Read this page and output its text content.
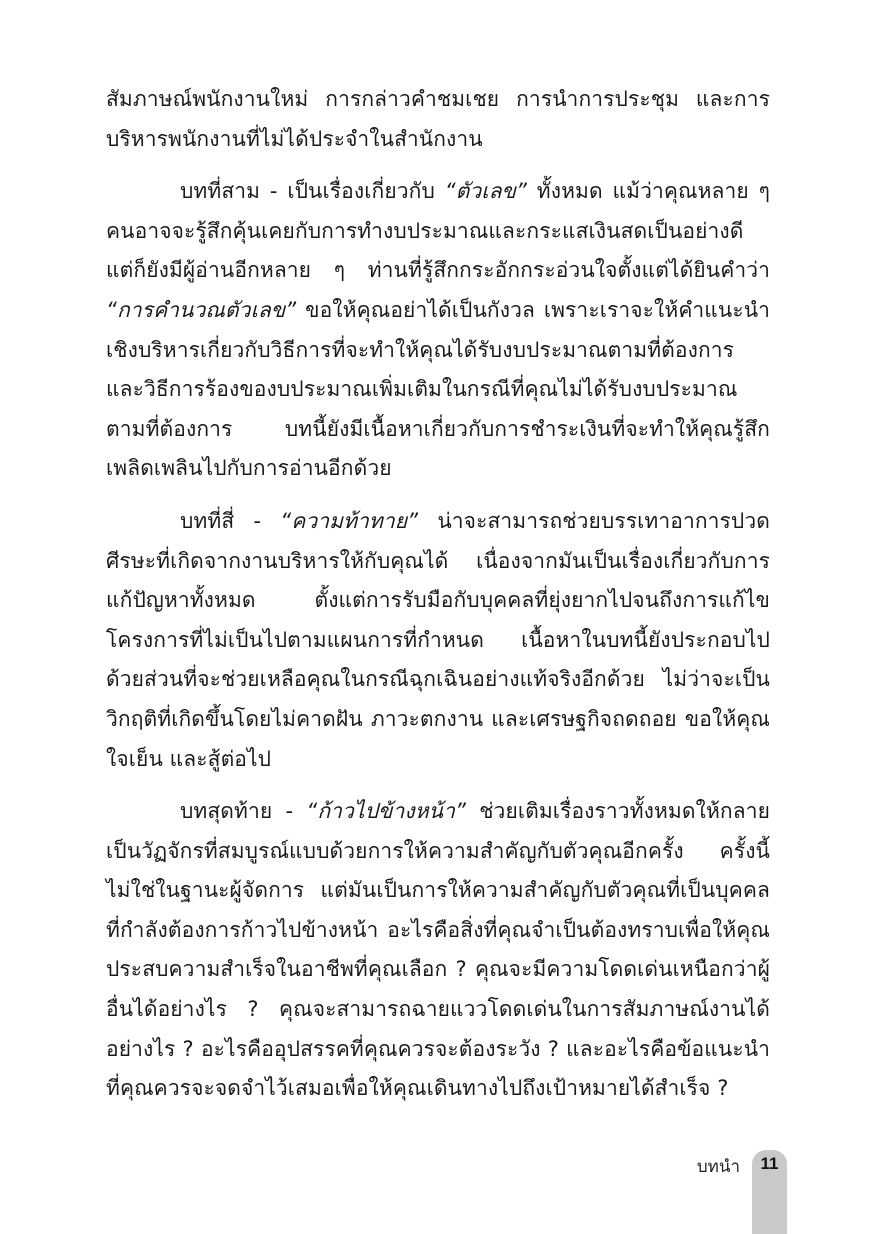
สัมภาษณ์พนักงานใหม่ การกล่าวคำชมเชย การนำการประชุม และการบริหารพนักงานที่ไม่ได้ประจำในสำนักงาน

บทที่สาม - เป็นเรื่องเกี่ยวกับ “ตัวเลข” ทั้งหมด แม้ว่าคุณหลาย ๆ คนอาจจะรู้สึกคุ้นเคยกับการทำงบประมาณและกระแสเงินสดเป็นอย่างดี แต่ก็ยังมีผู้อ่านอีกหลาย ๆ ท่านที่รู้สึกกระอักกระอ่วนใจตั้งแต่ได้ยินคำว่า “การคำนวณตัวเลข” ขอให้คุณอย่าได้เป็นกังวล เพราะเราจะให้คำแนะนำเชิงบริหารเกี่ยวกับวิธีการที่จะทำให้คุณได้รับงบประมาณตามที่ต้องการ และวิธีการร้องของบประมาณเพิ่มเติมในกรณีที่คุณไม่ได้รับงบประมาณตามที่ต้องการ บทนี้ยังมีเนื้อหาเกี่ยวกับการชำระเงินที่จะทำให้คุณรู้สึกเพลิดเพลินไปกับการอ่านอีกด้วย

บทที่สี่ - “ความท้าทาย” น่าจะสามารถช่วยบรรเทาอาการปวดศีรษะที่เกิดจากงานบริหารให้กับคุณได้ เนื่องจากมันเป็นเรื่องเกี่ยวกับการแก้ปัญหาทั้งหมด ตั้งแต่การรับมือกับบุคคลที่ยุ่งยากไปจนถึงการแก้ไขโครงการที่ไม่เป็นไปตามแผนการที่กำหนด เนื้อหาในบทนี้ยังประกอบไปด้วยส่วนที่จะช่วยเหลือคุณในกรณีฉุกเฉินอย่างแท้จริงอีกด้วย ไม่ว่าจะเป็นวิกฤติที่เกิดขึ้นโดยไม่คาดฝัน ภาวะตกงาน และเศรษฐกิจถดถอย ขอให้คุณใจเย็น และสู้ต่อไป

บทสุดท้าย - “ก้าวไปข้างหน้า” ช่วยเติมเรื่องราวทั้งหมดให้กลายเป็นวัฏจักรที่สมบูรณ์แบบด้วยการให้ความสำคัญกับตัวคุณอีกครั้ง ครั้งนี้ไม่ใช่ในฐานะผู้จัดการ แต่มันเป็นการให้ความสำคัญกับตัวคุณที่เป็นบุคคลที่กำลังต้องการก้าวไปข้างหน้า อะไรคือสิ่งที่คุณจำเป็นต้องทราบเพื่อให้คุณประสบความสำเร็จในอาชีพที่คุณเลือก ? คุณจะมีความโดดเด่นเหนือกว่าผู้อื่นได้อย่างไร ? คุณจะสามารถฉายแววโดดเด่นในการสัมภาษณ์งานได้อย่างไร ? อะไรคืออุปสรรคที่คุณควรจะต้องระวัง ? และอะไรคือข้อแนะนำที่คุณควรจะจดจำไว้เสมอเพื่อให้คุณเดินทางไปถึงเป้าหมายได้สำเร็จ ?

บทนำ	11
